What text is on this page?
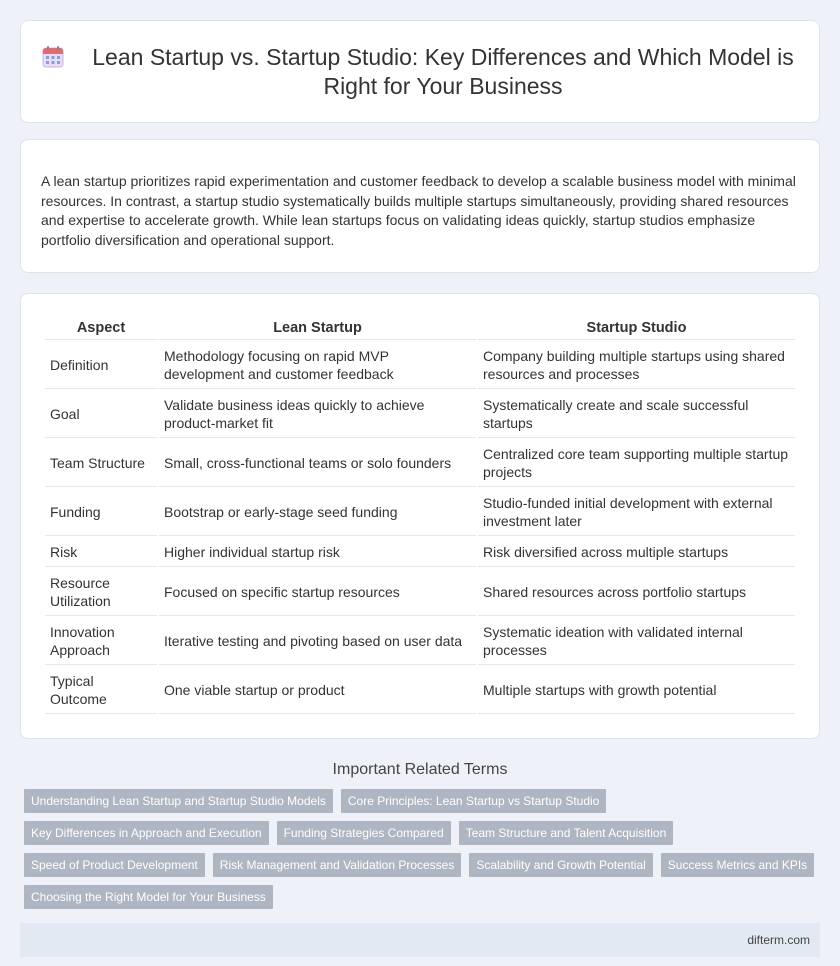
Lean Startup vs. Startup Studio: Key Differences and Which Model is Right for Your Business

A lean startup prioritizes rapid experimentation and customer feedback to develop a scalable business model with minimal resources. In contrast, a startup studio systematically builds multiple startups simultaneously, providing shared resources and expertise to accelerate growth. While lean startups focus on validating ideas quickly, startup studios emphasize portfolio diversification and operational support.

Aspect	Lean Startup	Startup Studio
Definition	Methodology focusing on rapid MVP development and customer feedback	Company building multiple startups using shared resources and processes
Goal	Validate business ideas quickly to achieve product-market fit	Systematically create and scale successful startups
Team Structure	Small, cross-functional teams or solo founders	Centralized core team supporting multiple startup projects
Funding	Bootstrap or early-stage seed funding	Studio-funded initial development with external investment later
Risk	Higher individual startup risk	Risk diversified across multiple startups
Resource Utilization	Focused on specific startup resources	Shared resources across portfolio startups
Innovation Approach	Iterative testing and pivoting based on user data	Systematic ideation with validated internal processes
Typical Outcome	One viable startup or product	Multiple startups with growth potential
Important Related Terms
Understanding Lean Startup and Startup Studio Models	Core Principles: Lean Startup vs Startup Studio
Key Differences in Approach and Execution	Funding Strategies Compared	Team Structure and Talent Acquisition
Speed of Product Development	Risk Management and Validation Processes	Scalability and Growth Potential	Success Metrics and KPIs
Choosing the Right Model for Your Business
difterm.com
